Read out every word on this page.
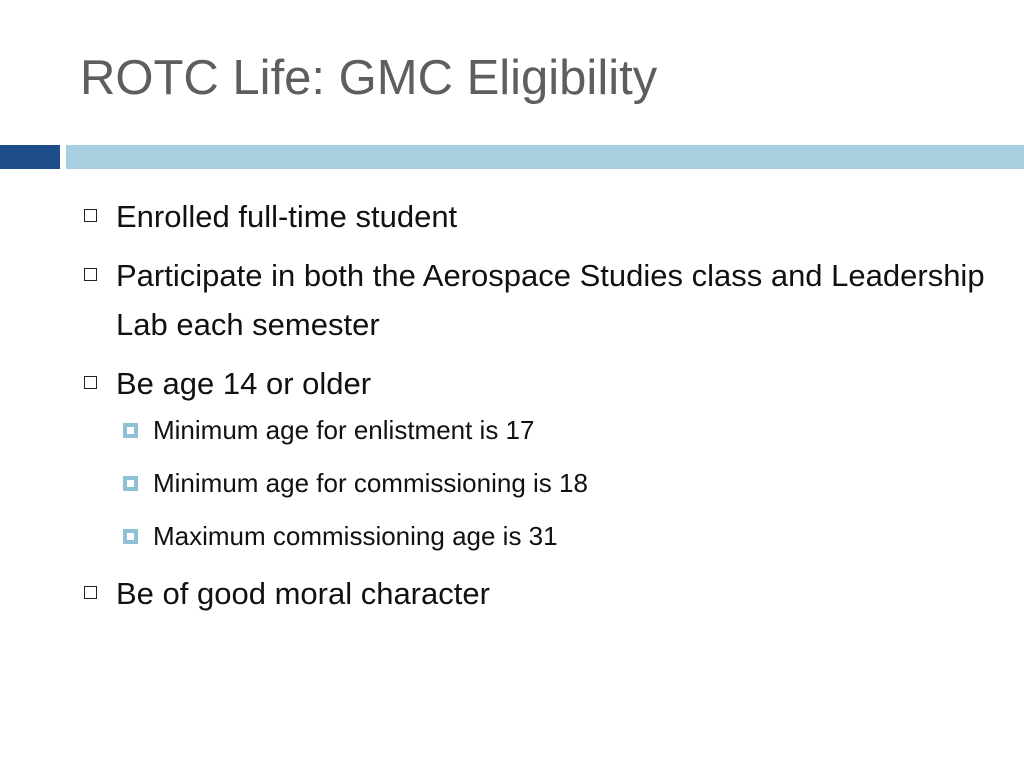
ROTC Life: GMC Eligibility
Enrolled full-time student
Participate in both the Aerospace Studies class and Leadership Lab each semester
Be age 14 or older
Minimum age for enlistment is 17
Minimum age for commissioning is 18
Maximum commissioning age is 31
Be of good moral character
